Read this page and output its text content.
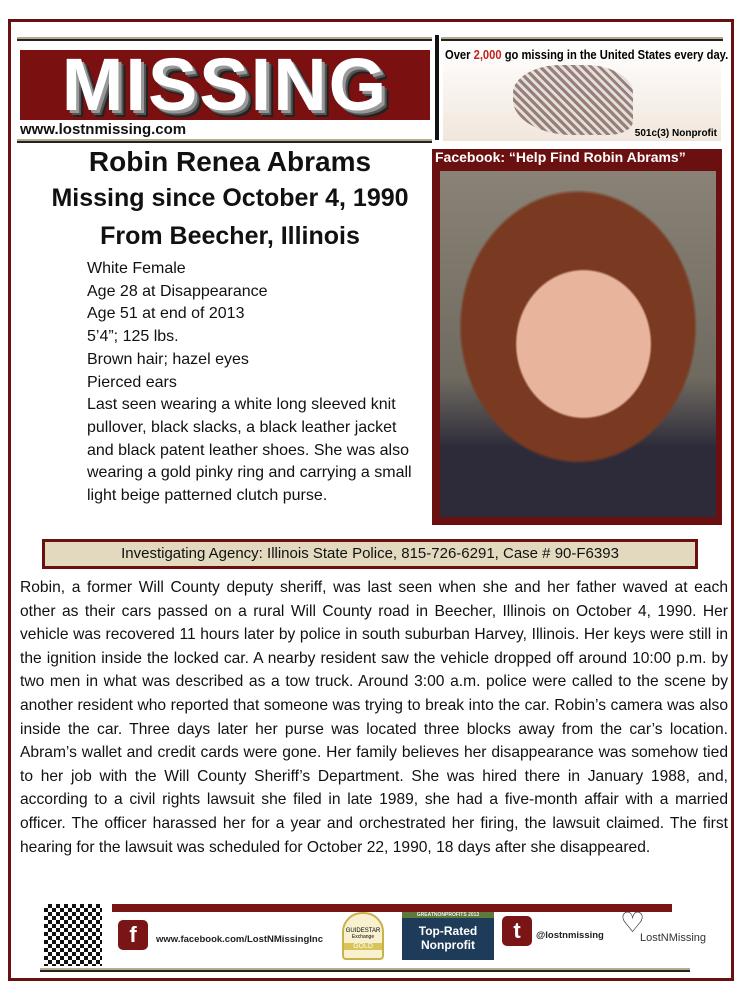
MISSING
www.lostnmissing.com
Over 2,000 go missing in the United States every day.
501c(3) Nonprofit
Robin Renea Abrams
Missing since October 4, 1990
From Beecher, Illinois
Facebook: “Help Find Robin Abrams”
White Female
Age 28 at Disappearance
Age 51 at end of 2013
5’4”; 125 lbs.
Brown hair; hazel eyes
Pierced ears
Last seen wearing a white long sleeved knit pullover, black slacks, a black leather jacket and black patent leather shoes. She was also wearing a gold pinky ring and carrying a small light beige patterned clutch purse.
Investigating Agency: Illinois State Police, 815-726-6291, Case # 90-F6393
Robin, a former Will County deputy sheriff, was last seen when she and her father waved at each other as their cars passed on a rural Will County road in Beecher, Illinois on October 4, 1990. Her vehicle was recovered 11 hours later by police in south suburban Harvey, Illinois. Her keys were still in the ignition inside the locked car. A nearby resident saw the vehicle dropped off around 10:00 p.m. by two men in what was described as a tow truck. Around 3:00 a.m. police were called to the scene by another resident who reported that someone was trying to break into the car. Robin’s camera was also inside the car. Three days later her purse was located three blocks away from the car’s location. Abram’s wallet and credit cards were gone. Her family believes her disappearance was somehow tied to her job with the Will County Sheriff’s Department. She was hired there in January 1988, and, according to a civil rights lawsuit she filed in late 1989, she had a five-month affair with a married officer. The officer harassed her for a year and orchestrated her firing, the lawsuit claimed. The first hearing for the lawsuit was scheduled for October 22, 1990, 18 days after she disappeared.
f	www.facebook.com/LostNMissingInc
GUIDESTAR
Exchange
GOLD
GREATNONPROFITS 2013
Top-Rated
Nonprofit
t	@lostnmissing ♡
LostNMissing
